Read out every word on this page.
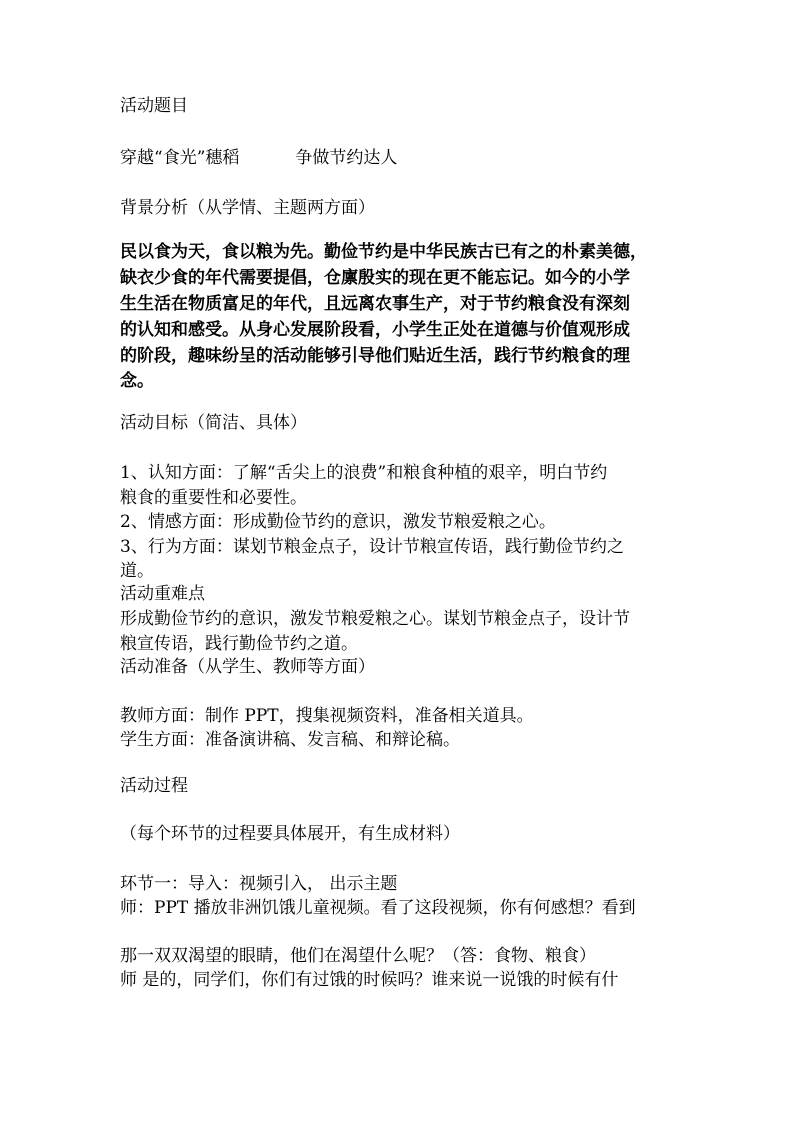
活动题目
穿越“食光”穗稻	争做节约达人
背景分析（从学情、主题两方面）
民以食为天，食以粮为先。勤俭节约是中华民族古已有之的朴素美德，
缺衣少食的年代需要提倡，仓廪殷实的现在更不能忘记。如今的小学
生生活在物质富足的年代，且远离农事生产，对于节约粮食没有深刻
的认知和感受。从身心发展阶段看，小学生正处在道德与价值观形成
的阶段，趣味纷呈的活动能够引导他们贴近生活，践行节约粮食的理
念。
活动目标（简洁、具体）
1、认知方面：了解“舌尖上的浪费”和粮食种植的艰辛，明白节约
粮食的重要性和必要性。
2、情感方面：形成勤俭节约的意识，激发节粮爱粮之心。
3、行为方面：谋划节粮金点子，设计节粮宣传语，践行勤俭节约之
道。
活动重难点
形成勤俭节约的意识，激发节粮爱粮之心。谋划节粮金点子，设计节
粮宣传语，践行勤俭节约之道。
活动准备（从学生、教师等方面）
教师方面：制作 PPT，搜集视频资料，准备相关道具。
学生方面：准备演讲稿、发言稿、和辩论稿。
活动过程
（每个环节的过程要具体展开，有生成材料）
环节一：导入：视频引入， 出示主题
师：PPT 播放非洲饥饿儿童视频。看了这段视频，你有何感想？看到
那一双双渴望的眼睛，他们在渴望什么呢？（答：食物、粮食）
师 是的，同学们，你们有过饿的时候吗？谁来说一说饿的时候有什
